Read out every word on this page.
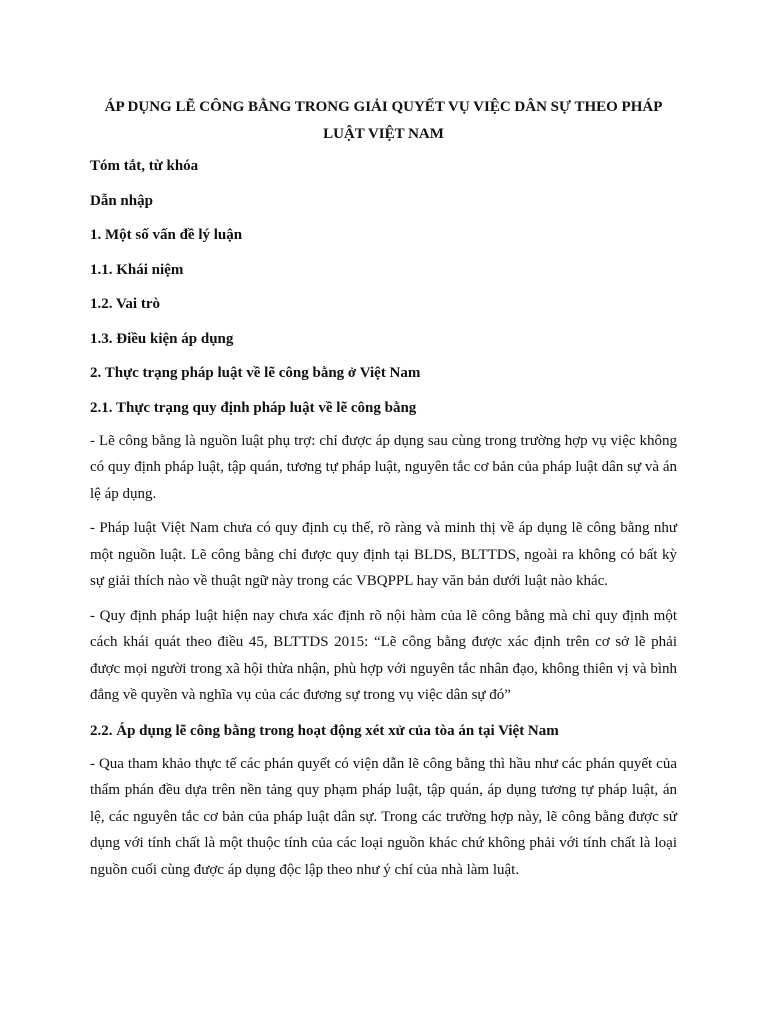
ÁP DỤNG LẼ CÔNG BẰNG TRONG GIẢI QUYẾT VỤ VIỆC DÂN SỰ THEO PHÁP
LUẬT VIỆT NAM
Tóm tắt, từ khóa
Dẫn nhập
1. Một số vấn đề lý luận
1.1. Khái niệm
1.2. Vai trò
1.3. Điều kiện áp dụng
2. Thực trạng pháp luật về lẽ công bằng ở Việt Nam
2.1. Thực trạng quy định pháp luật về lẽ công bằng

- Lẽ công bằng là nguồn luật phụ trợ: chỉ được áp dụng sau cùng trong trường hợp vụ việc không có quy định pháp luật, tập quán, tương tự pháp luật, nguyên tắc cơ bản của pháp luật dân sự và án lệ áp dụng.

- Pháp luật Việt Nam chưa có quy định cụ thế, rõ ràng và minh thị về áp dụng lẽ công bằng như một nguồn luật. Lẽ công bằng chỉ được quy định tại BLDS, BLTTDS, ngoài ra không có bất kỳ sự giải thích nào về thuật ngữ này trong các VBQPPL hay văn bản dưới luật nào khác.

- Quy định pháp luật hiện nay chưa xác định rõ nội hàm của lẽ công bằng mà chỉ quy định một cách khái quát theo điều 45, BLTTDS 2015: “Lẽ công bằng được xác định trên cơ sở lẽ phải được mọi người trong xã hội thừa nhận, phù hợp với nguyên tắc nhân đạo, không thiên vị và bình đẳng về quyền và nghĩa vụ của các đương sự trong vụ việc dân sự đó”

2.2. Áp dụng lẽ công bằng trong hoạt động xét xử của tòa án tại Việt Nam

- Qua tham khảo thực tế các phán quyết có viện dẫn lẽ công bằng thì hầu như các phán quyết của thẩm phán đều dựa trên nền tảng quy phạm pháp luật, tập quán, áp dụng tương tự pháp luật, án lệ, các nguyên tắc cơ bản của pháp luật dân sự. Trong các trường hợp này, lẽ công bằng được sử dụng với tính chất là một thuộc tính của các loại nguồn khác chứ không phải với tính chất là loại nguồn cuối cùng được áp dụng độc lập theo như ý chí của nhà làm luật.
